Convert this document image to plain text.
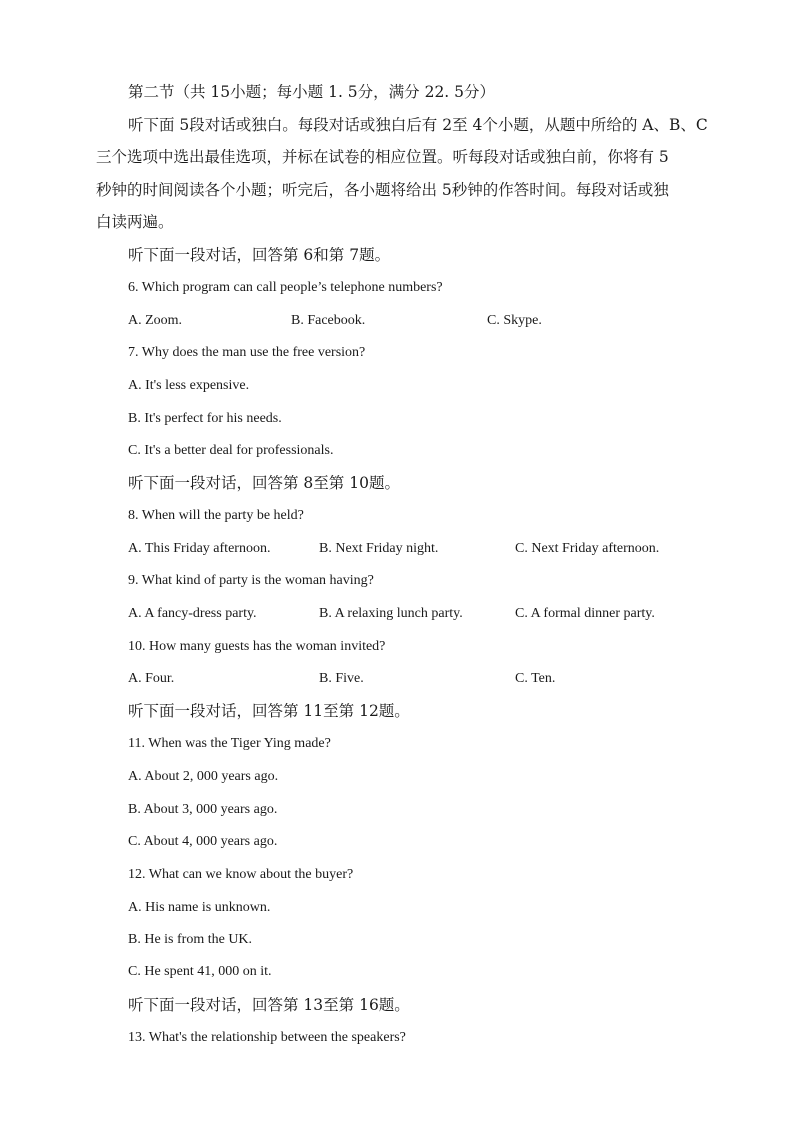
第二节（共 15小题；每小题 1. 5分，满分 22. 5分）
听下面 5段对话或独白。每段对话或独白后有 2至 4个小题，从题中所给的 A、B、C
三个选项中选出最佳选项，并标在试卷的相应位置。听每段对话或独白前，你将有 5
秒钟的时间阅读各个小题；听完后，各小题将给出 5秒钟的作答时间。每段对话或独
白读两遍。
听下面一段对话，回答第 6和第 7题。
6. Which program can call people’s telephone numbers?
A. Zoom.	B. Facebook.	C. Skype.
7. Why does the man use the free version?
A. It's less expensive.
B. It's perfect for his needs.
C. It's a better deal for professionals.
听下面一段对话，回答第 8至第 10题。
8. When will the party be held?
A. This Friday afternoon.	B. Next Friday night.	C. Next Friday afternoon.
9. What kind of party is the woman having?
A. A fancy-dress party.	B. A relaxing lunch party.	C. A formal dinner party.
10. How many guests has the woman invited?
A. Four.	B. Five.	C. Ten.
听下面一段对话，回答第 11至第 12题。
11. When was the Tiger Ying made?
A. About 2, 000 years ago.
B. About 3, 000 years ago.
C. About 4, 000 years ago.
12. What can we know about the buyer?
A. His name is unknown.
B. He is from the UK.
C. He spent 41, 000 on it.
听下面一段对话，回答第 13至第 16题。
13. What's the relationship between the speakers?
